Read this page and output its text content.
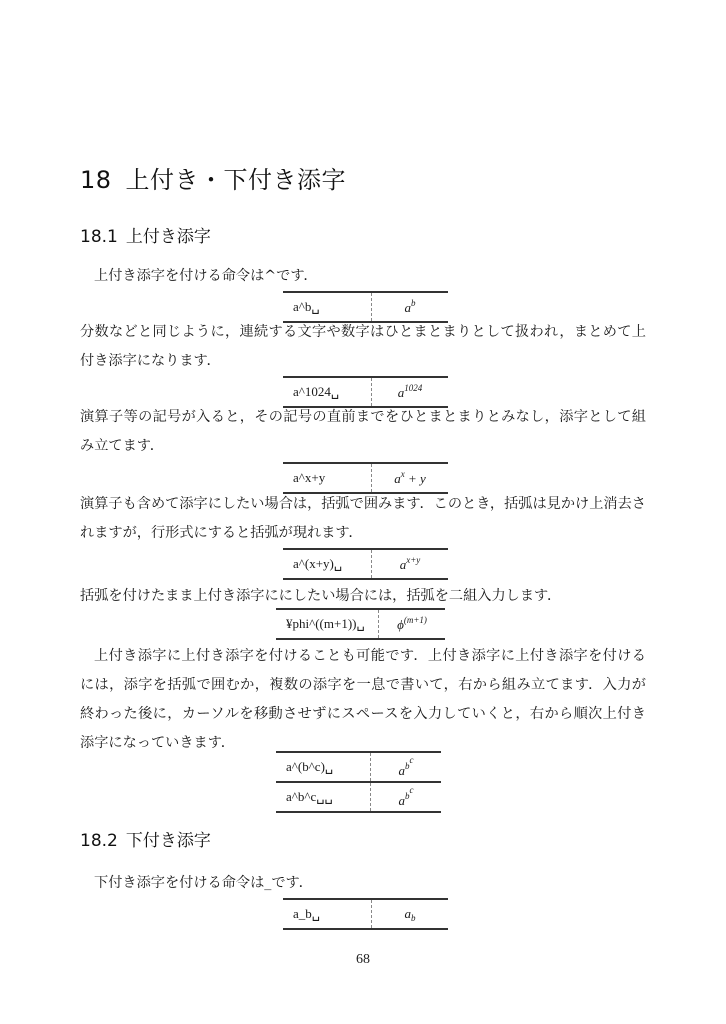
18 上付き・下付き添字
18.1 上付き添字
上付き添字を付ける命令は^です．
a^b␣	$a^b$
分数などと同じように，連続する文字や数字はひとまとまりとして扱われ，まとめて上付き添字になります．
a^1024␣	$a^{1024}$
演算子等の記号が入ると，その記号の直前までをひとまとまりとみなし，添字として組み立てます．
a^x+y	$a^x + y$
演算子も含めて添字にしたい場合は，括弧で囲みます．このとき，括弧は見かけ上消去されますが，行形式にすると括弧が現れます．
a^(x+y)␣	$a^{x+y}$
括弧を付けたまま上付き添字ににしたい場合には，括弧を二組入力します．
¥phi^((m+1))␣	$\phi^{(m+1)}$
上付き添字に上付き添字を付けることも可能です．上付き添字に上付き添字を付けるには，添字を括弧で囲むか，複数の添字を一息で書いて，右から組み立てます．入力が終わった後に，カーソルを移動させずにスペースを入力していくと，右から順次上付き添字になっていきます．
a^(b^c)␣	$a^{b^c}$
a^b^c␣␣	$a^{b^c}$
18.2 下付き添字
下付き添字を付ける命令は_です．
a_b␣	$a_b$
68
